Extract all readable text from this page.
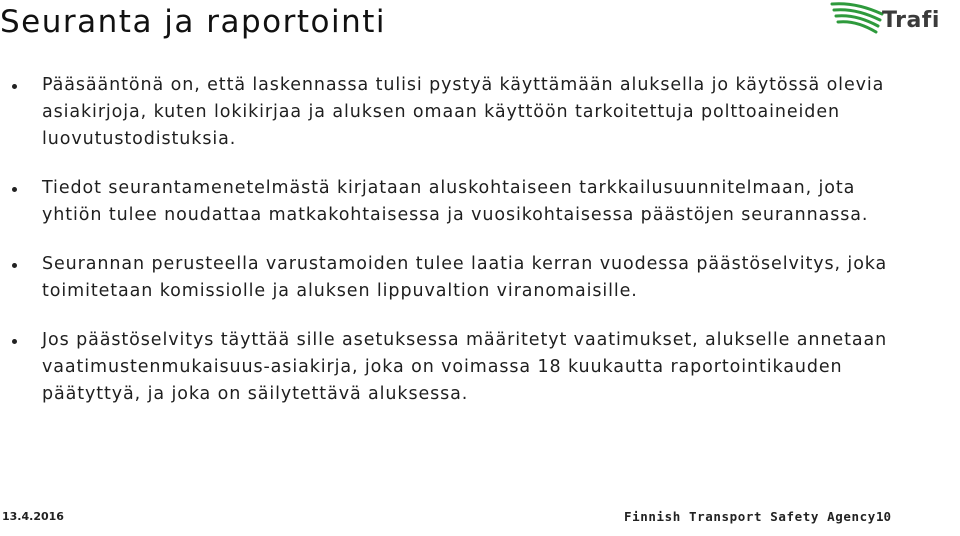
Seuranta ja raportointi	Trafi
Pääsääntönä on, että laskennassa tulisi pystyä käyttämään aluksella jo käytössä olevia asiakirjoja, kuten lokikirjaa ja aluksen omaan käyttöön tarkoitettuja polttoaineiden luovutustodistuksia.
Tiedot seurantamenetelmästä kirjataan aluskohtaiseen tarkkailusuunnitelmaan, jota yhtiön tulee noudattaa matkakohtaisessa ja vuosikohtaisessa päästöjen seurannassa.
Seurannan perusteella varustamoiden tulee laatia kerran vuodessa päästöselvitys, joka toimitetaan komissiolle ja aluksen lippuvaltion viranomaisille.
Jos päästöselvitys täyttää sille asetuksessa määritetyt vaatimukset, alukselle annetaan vaatimustenmukaisuus-asiakirja, joka on voimassa 18 kuukautta raportointikauden päätyttyä, ja joka on säilytettävä aluksessa.
13.4.2016	Finnish Transport Safety Agency 10
